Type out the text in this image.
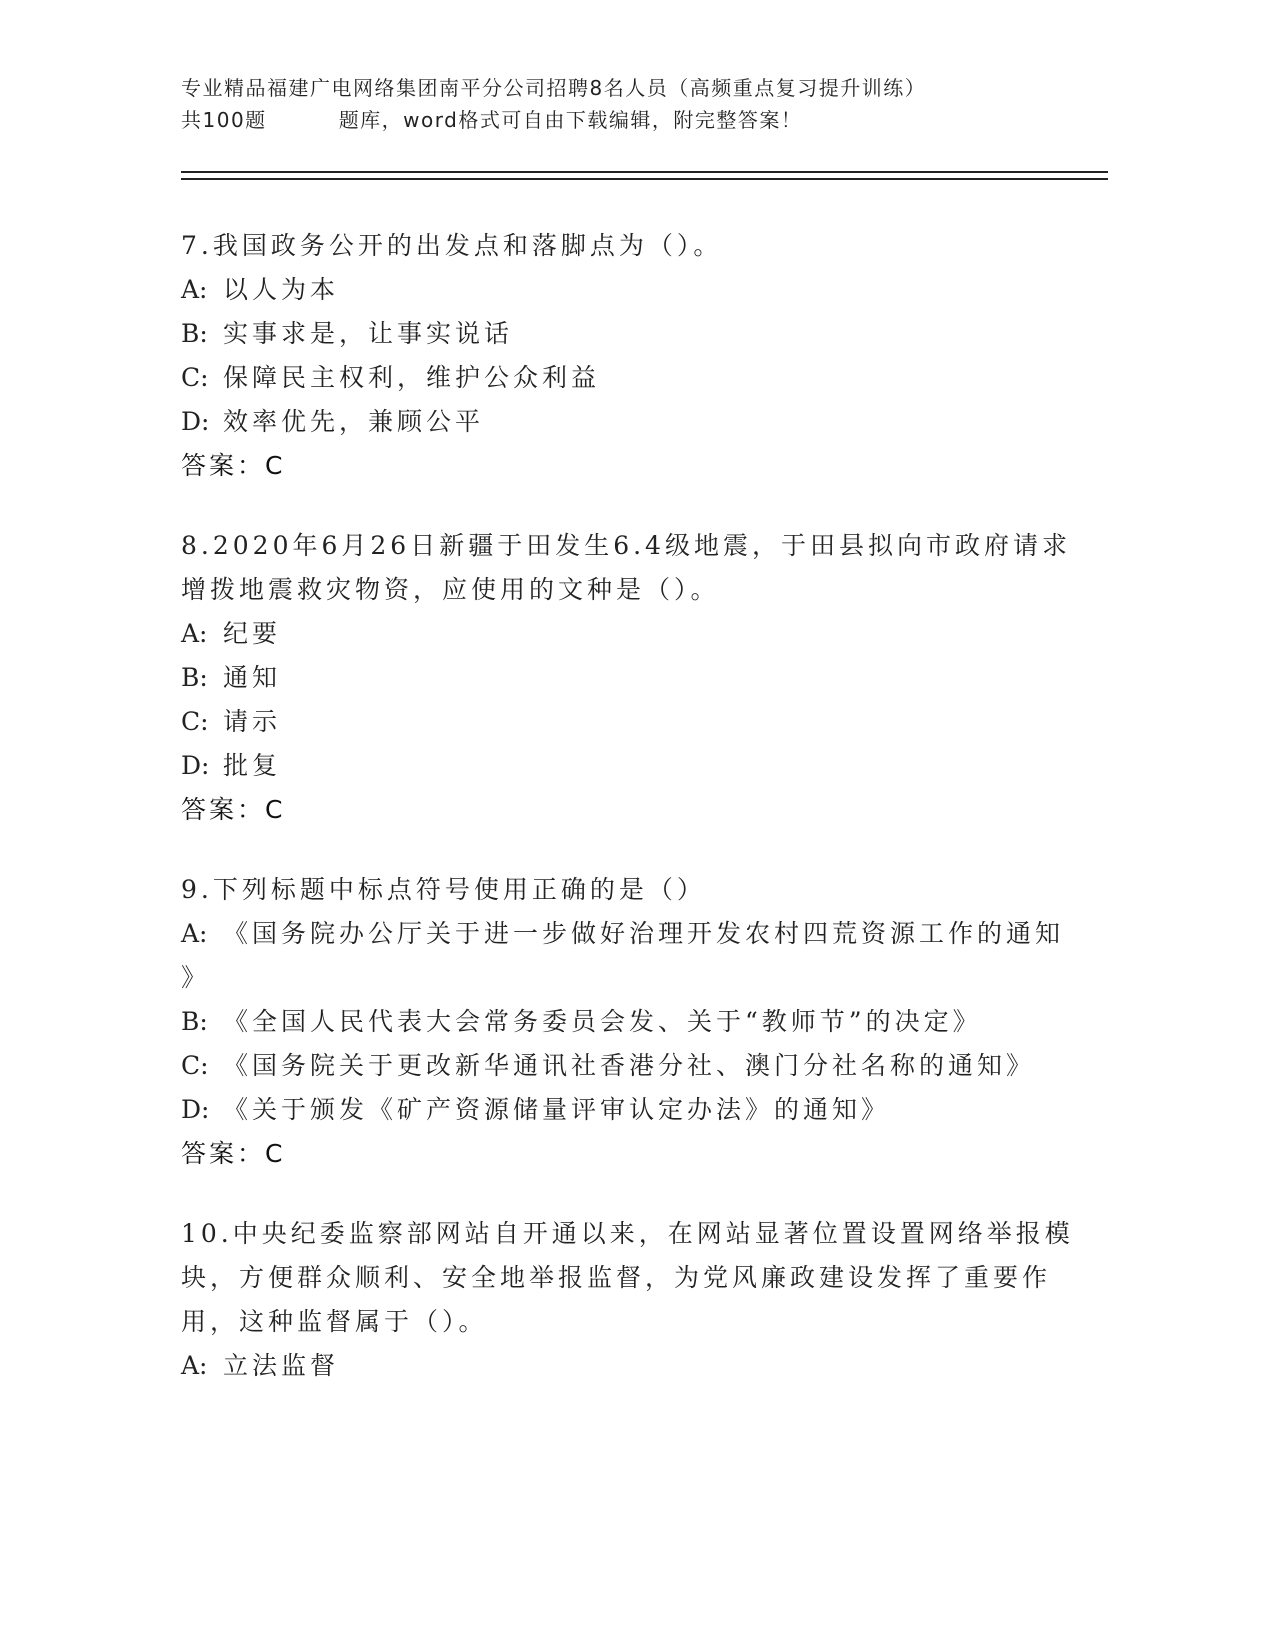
专业精品福建广电网络集团南平分公司招聘8名人员（高频重点复习提升训练）
共100题	题库，word格式可自由下载编辑，附完整答案！
7.我国政务公开的出发点和落脚点为（）。
A: 以人为本
B: 实事求是，让事实说话
C: 保障民主权利，维护公众利益
D: 效率优先，兼顾公平
答案：C
8.2020年6月26日新疆于田发生6.4级地震，于田县拟向市政府请求
增拨地震救灾物资，应使用的文种是（）。
A: 纪要
B: 通知
C: 请示
D: 批复
答案：C
9.下列标题中标点符号使用正确的是（）
A: 《国务院办公厅关于进一步做好治理开发农村四荒资源工作的通知
》
B: 《全国人民代表大会常务委员会发、关于“教师节”的决定》
C: 《国务院关于更改新华通讯社香港分社、澳门分社名称的通知》
D: 《关于颁发《矿产资源储量评审认定办法》的通知》
答案：C
10.中央纪委监察部网站自开通以来，在网站显著位置设置网络举报模
块，方便群众顺利、安全地举报监督，为党风廉政建设发挥了重要作
用，这种监督属于（）。
A: 立法监督
